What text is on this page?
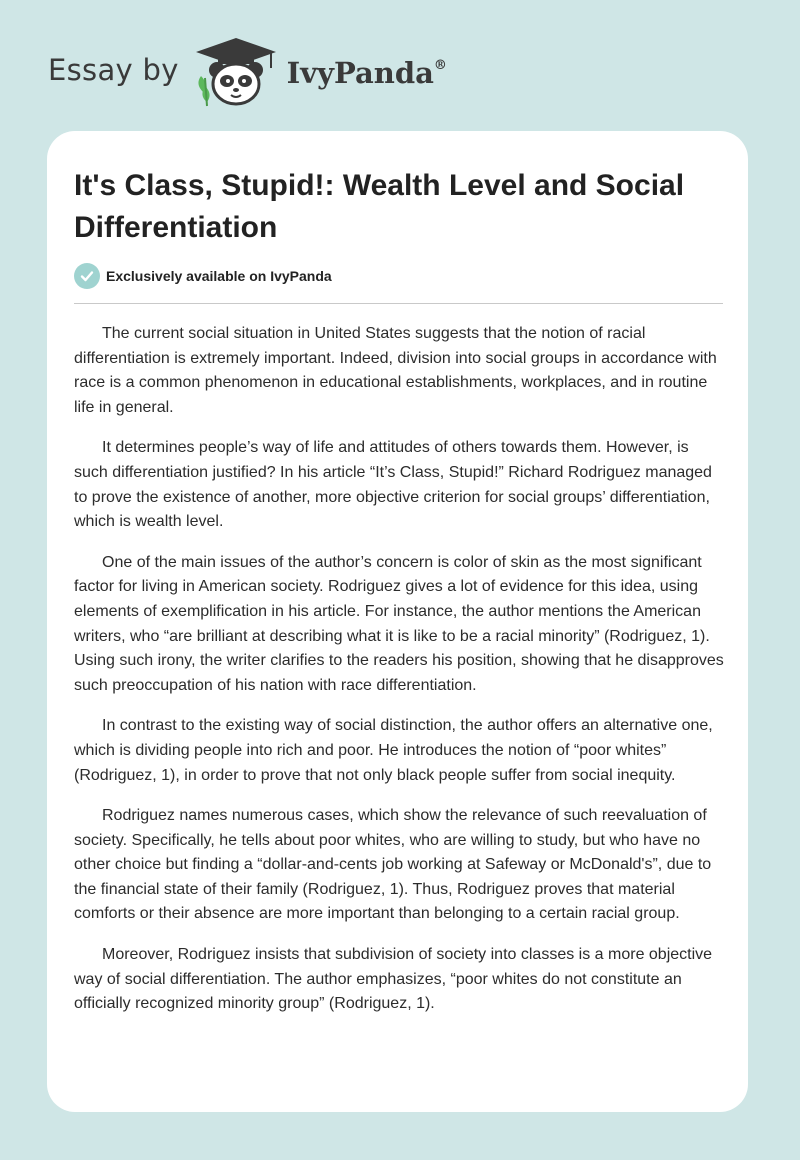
Essay by	IvyPanda®
It's Class, Stupid!: Wealth Level and Social Differentiation
Exclusively available on IvyPanda

The current social situation in United States suggests that the notion of racial differentiation is extremely important. Indeed, division into social groups in accordance with race is a common phenomenon in educational establishments, workplaces, and in routine life in general.

It determines people’s way of life and attitudes of others towards them. However, is such differentiation justified? In his article “It’s Class, Stupid!” Richard Rodriguez managed to prove the existence of another, more objective criterion for social groups’ differentiation, which is wealth level.

One of the main issues of the author’s concern is color of skin as the most significant factor for living in American society. Rodriguez gives a lot of evidence for this idea, using elements of exemplification in his article. For instance, the author mentions the American writers, who “are brilliant at describing what it is like to be a racial minority” (Rodriguez, 1). Using such irony, the writer clarifies to the readers his position, showing that he disapproves such preoccupation of his nation with race differentiation.

In contrast to the existing way of social distinction, the author offers an alternative one, which is dividing people into rich and poor. He introduces the notion of “poor whites” (Rodriguez, 1), in order to prove that not only black people suffer from social inequity.

Rodriguez names numerous cases, which show the relevance of such reevaluation of society. Specifically, he tells about poor whites, who are willing to study, but who have no other choice but finding a “dollar-and-cents job working at Safeway or McDonald's”, due to the financial state of their family (Rodriguez, 1). Thus, Rodriguez proves that material comforts or their absence are more important than belonging to a certain racial group.

Moreover, Rodriguez insists that subdivision of society into classes is a more objective way of social differentiation. The author emphasizes, “poor whites do not constitute an officially recognized minority group” (Rodriguez, 1).
